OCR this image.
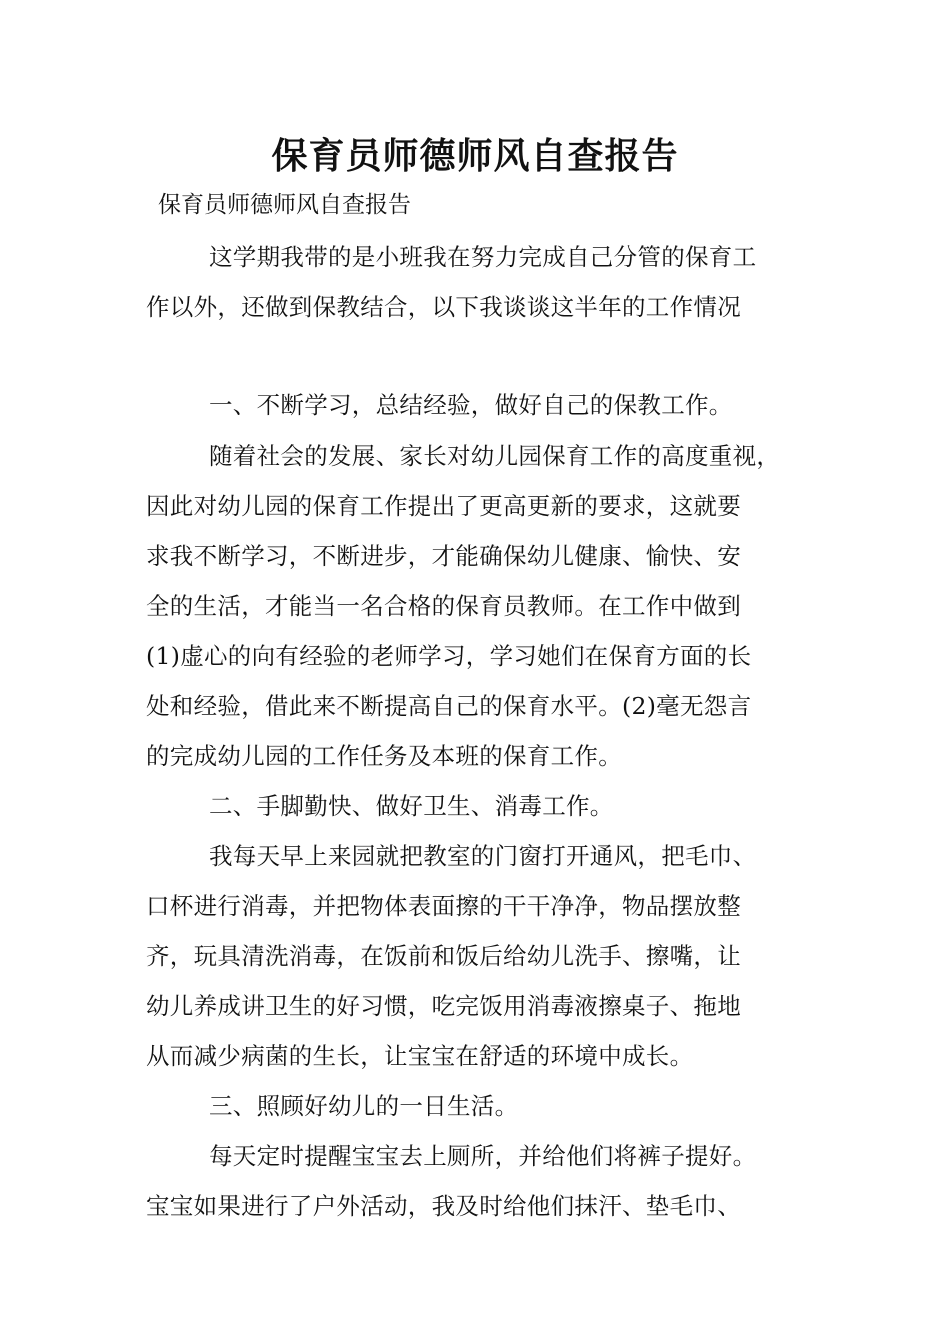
保育员师德师风自查报告
保育员师德师风自查报告
这学期我带的是小班我在努力完成自己分管的保育工
作以外，还做到保教结合，以下我谈谈这半年的工作情况
一、不断学习，总结经验，做好自己的保教工作。
随着社会的发展、家长对幼儿园保育工作的高度重视，
因此对幼儿园的保育工作提出了更高更新的要求，这就要
求我不断学习，不断进步，才能确保幼儿健康、愉快、安
全的生活，才能当一名合格的保育员教师。在工作中做到
(1)虚心的向有经验的老师学习，学习她们在保育方面的长
处和经验，借此来不断提高自己的保育水平。(2)毫无怨言
的完成幼儿园的工作任务及本班的保育工作。
二、手脚勤快、做好卫生、消毒工作。
我每天早上来园就把教室的门窗打开通风，把毛巾、
口杯进行消毒，并把物体表面擦的干干净净，物品摆放整
齐，玩具清洗消毒，在饭前和饭后给幼儿洗手、擦嘴，让
幼儿养成讲卫生的好习惯，吃完饭用消毒液擦桌子、拖地
从而减少病菌的生长，让宝宝在舒适的环境中成长。
三、照顾好幼儿的一日生活。
每天定时提醒宝宝去上厕所，并给他们将裤子提好。
宝宝如果进行了户外活动，我及时给他们抹汗、垫毛巾、
